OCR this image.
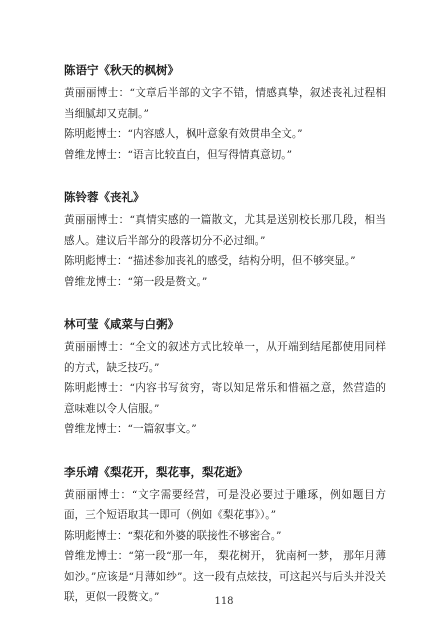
陈语宁《秋天的枫树》

黄丽丽博士：“文章后半部的文字不错，情感真挚，叙述丧礼过程相当细腻却又克制。”

陈明彪博士：“内容感人，枫叶意象有效贯串全文。”

曾维龙博士：“语言比较直白，但写得情真意切。”

陈铃蓉《丧礼》

黄丽丽博士：“真情实感的一篇散文，尤其是送别校长那几段，相当感人。建议后半部分的段落切分不必过细。”

陈明彪博士：“描述参加丧礼的感受，结构分明，但不够突显。”

曾维龙博士：“第一段是赘文。”

林可莹《咸菜与白粥》

黄丽丽博士：“全文的叙述方式比较单一，从开端到结尾都使用同样的方式，缺乏技巧。”

陈明彪博士：“内容书写贫穷，寄以知足常乐和惜福之意，然营造的意味难以令人信服。”

曾维龙博士：“一篇叙事文。”

李乐靖《梨花开，梨花事，梨花逝》

黄丽丽博士：“文字需要经营，可是没必要过于雕琢，例如题目方面，三个短语取其一即可（例如《梨花事》）。”

陈明彪博士：“梨花和外婆的联接性不够密合。”

曾维龙博士：“第一段“那一年， 梨花树开， 犹南柯一梦， 那年月薄如沙。”应该是“月薄如纱”。这一段有点炫技，可这起兴与后头并没关联，更似一段赘文。”	118
